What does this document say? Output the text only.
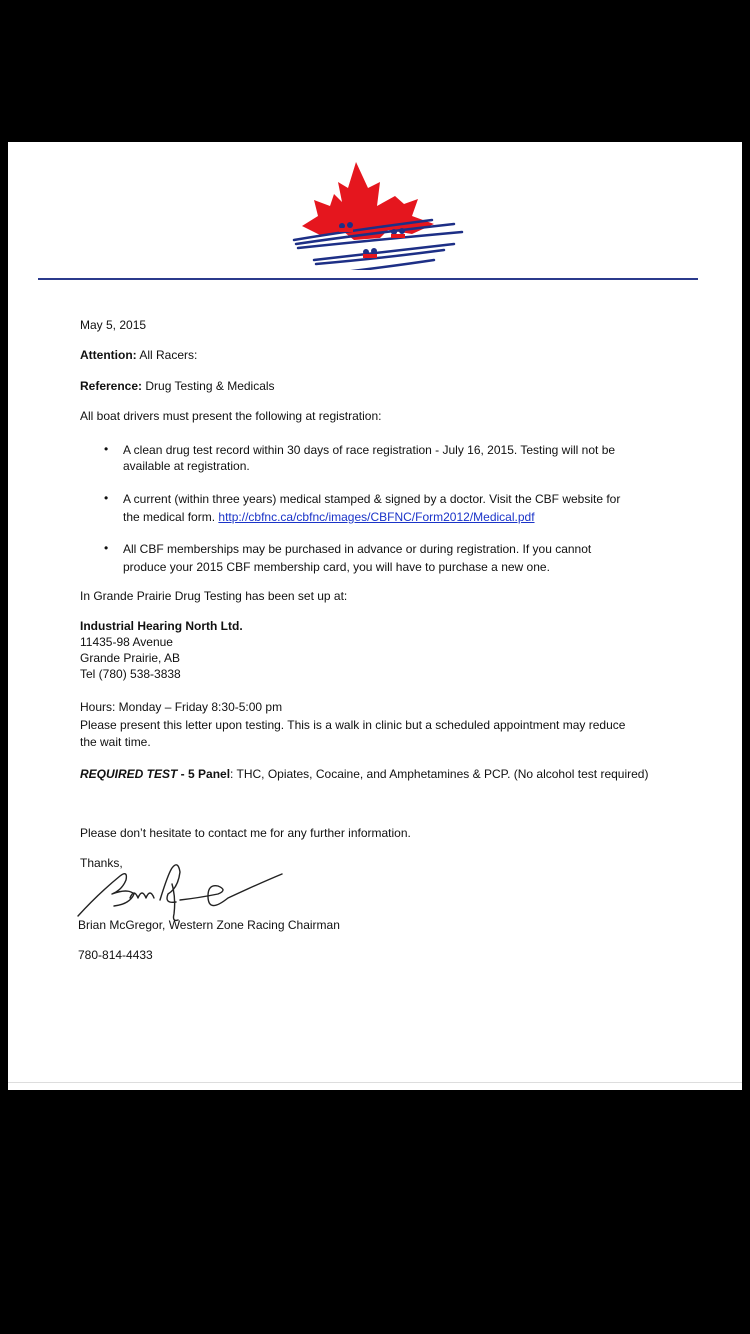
May 5, 2015
Attention: All Racers:
Reference: Drug Testing & Medicals
All boat drivers must present the following at registration:
• A clean drug test record within 30 days of race registration - July 16, 2015. Testing will not be
available at registration.
• A current (within three years) medical stamped & signed by a doctor. Visit the CBF website for
the medical form. http://cbfnc.ca/cbfnc/images/CBFNC/Form2012/Medical.pdf
• All CBF memberships may be purchased in advance or during registration. If you cannot
produce your 2015 CBF membership card, you will have to purchase a new one.
In Grande Prairie Drug Testing has been set up at:
Industrial Hearing North Ltd.
11435-98 Avenue
Grande Prairie, AB
Tel (780) 538-3838
Hours: Monday – Friday 8:30-5:00 pm
Please present this letter upon testing. This is a walk in clinic but a scheduled appointment may reduce
the wait time.
REQUIRED TEST - 5 Panel: THC, Opiates, Cocaine, and Amphetamines & PCP. (No alcohol test required)
Please don’t hesitate to contact me for any further information.
Thanks,
Brian McGregor, Western Zone Racing Chairman
780-814-4433
